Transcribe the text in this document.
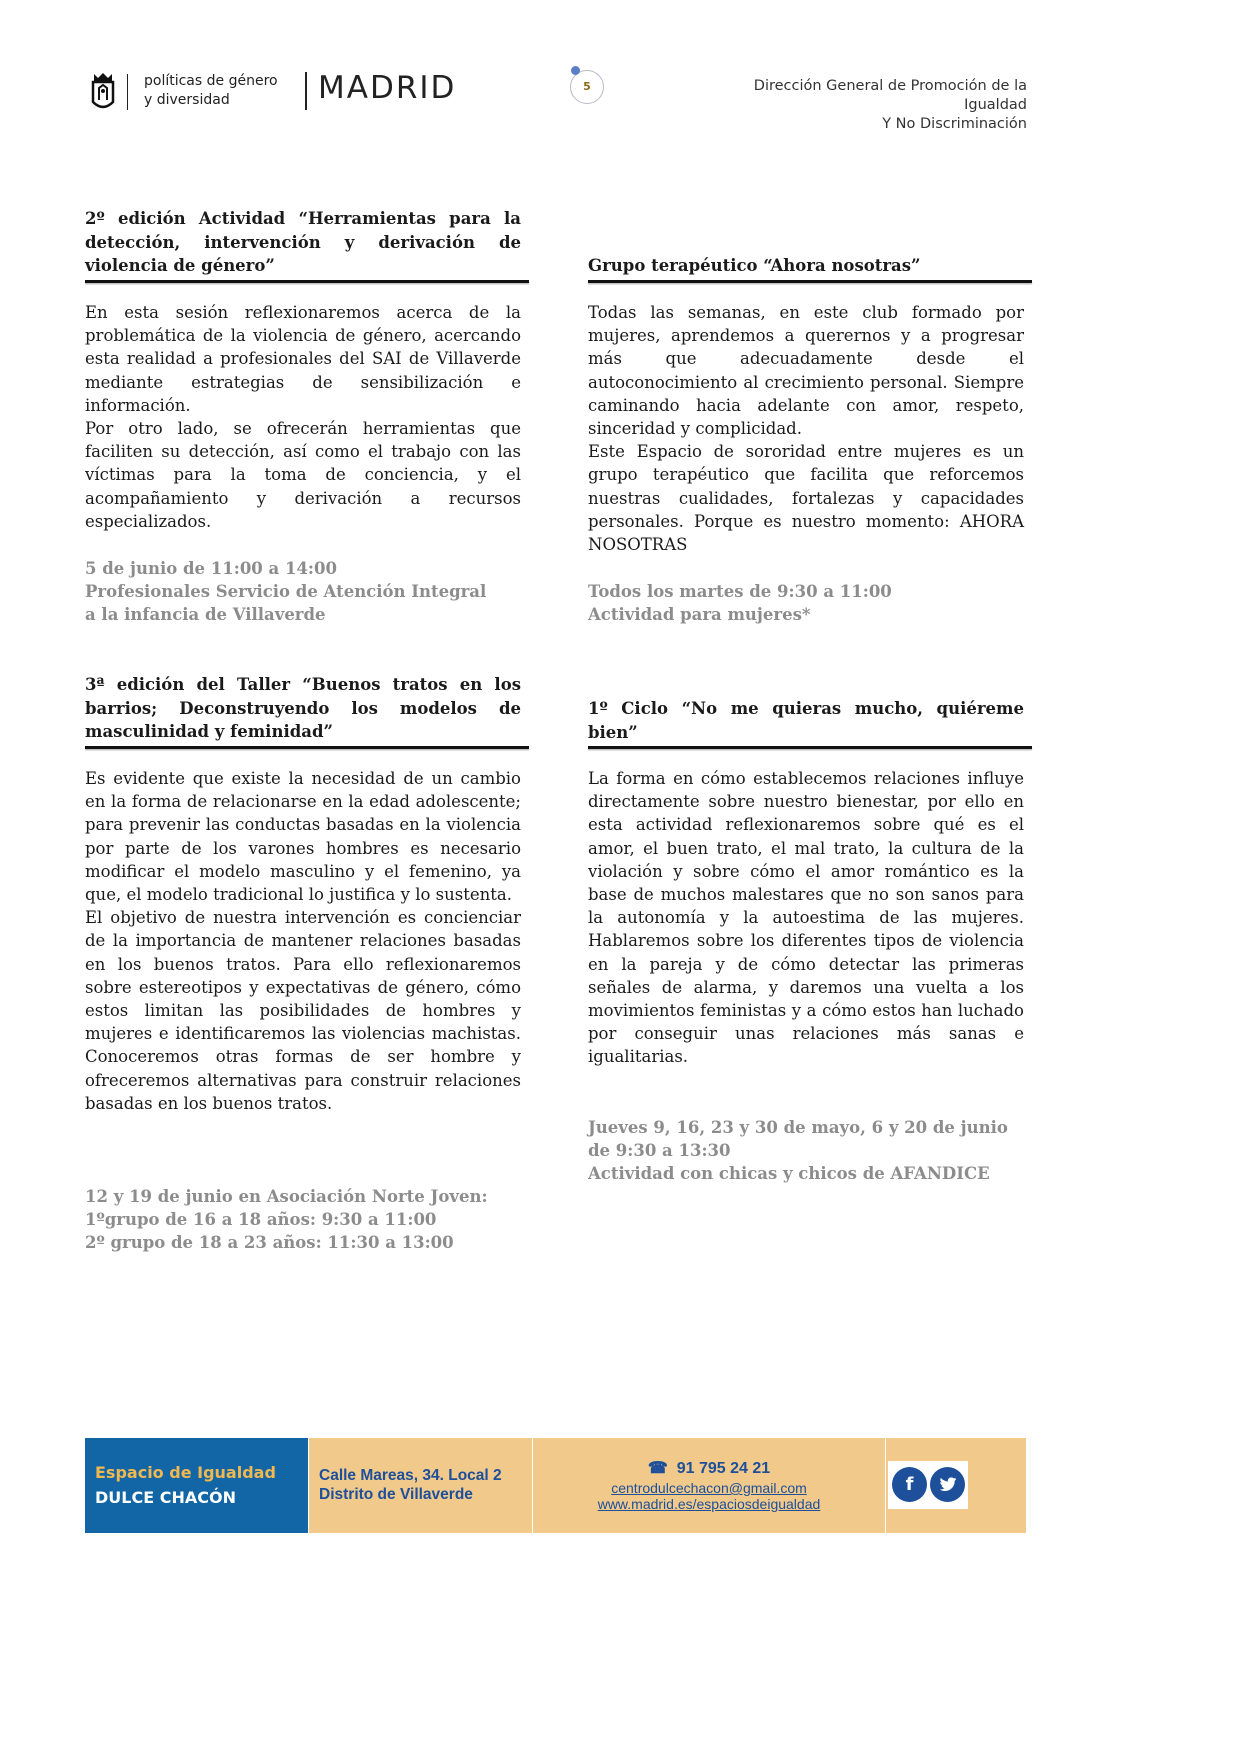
políticas de género
y diversidad	MADRID	5	Dirección General de Promoción de la
Igualdad
Y No Discriminación
2º edición Actividad “Herramientas para la detección, intervención y derivación de violencia de género”

En esta sesión reflexionaremos acerca de la problemática de la violencia de género, acercando esta realidad a profesionales del SAI de Villaverde mediante estrategias de sensibilización e información.

Por otro lado, se ofrecerán herramientas que faciliten su detección, así como el trabajo con las víctimas para la toma de conciencia, y el acompañamiento y derivación a recursos especializados.

5 de junio de 11:00 a 14:00
Profesionales Servicio de Atención Integral
a la infancia de Villaverde
Grupo terapéutico “Ahora nosotras”

Todas las semanas, en este club formado por mujeres, aprendemos a querernos y a progresar más que adecuadamente desde el autoconocimiento al crecimiento personal. Siempre caminando hacia adelante con amor, respeto, sinceridad y complicidad.

Este Espacio de sororidad entre mujeres es un grupo terapéutico que facilita que reforcemos nuestras cualidades, fortalezas y capacidades personales. Porque es nuestro momento: AHORA NOSOTRAS

Todos los martes de 9:30 a 11:00
Actividad para mujeres*
3ª edición del Taller “Buenos tratos en los barrios; Deconstruyendo los modelos de masculinidad y feminidad”

Es evidente que existe la necesidad de un cambio en la forma de relacionarse en la edad adolescente; para prevenir las conductas basadas en la violencia por parte de los varones hombres es necesario modificar el modelo masculino y el femenino, ya que, el modelo tradicional lo justifica y lo sustenta.

El objetivo de nuestra intervención es concienciar de la importancia de mantener relaciones basadas en los buenos tratos. Para ello reflexionaremos sobre estereotipos y expectativas de género, cómo estos limitan las posibilidades de hombres y mujeres e identificaremos las violencias machistas. Conoceremos otras formas de ser hombre y ofreceremos alternativas para construir relaciones basadas en los buenos tratos.

12 y 19 de junio en Asociación Norte Joven:
1ºgrupo de 16 a 18 años: 9:30 a 11:00
2º grupo de 18 a 23 años: 11:30 a 13:00
1º Ciclo “No me quieras mucho, quiéreme bien”

La forma en cómo establecemos relaciones influye directamente sobre nuestro bienestar, por ello en esta actividad reflexionaremos sobre qué es el amor, el buen trato, el mal trato, la cultura de la violación y sobre cómo el amor romántico es la base de muchos malestares que no son sanos para la autonomía y la autoestima de las mujeres. Hablaremos sobre los diferentes tipos de violencia en la pareja y de cómo detectar las primeras señales de alarma, y daremos una vuelta a los movimientos feministas y a cómo estos han luchado por conseguir unas relaciones más sanas e igualitarias.

Jueves 9, 16, 23 y 30 de mayo, 6 y 20 de junio
de 9:30 a 13:30
Actividad con chicas y chicos de AFANDICE
Espacio de Igualdad
DULCE CHACÓN
Calle Mareas, 34. Local 2
Distrito de Villaverde
☎ 91 795 24 21
centrodulcechacon@gmail.com
www.madrid.es/espaciosdeigualdad
f
